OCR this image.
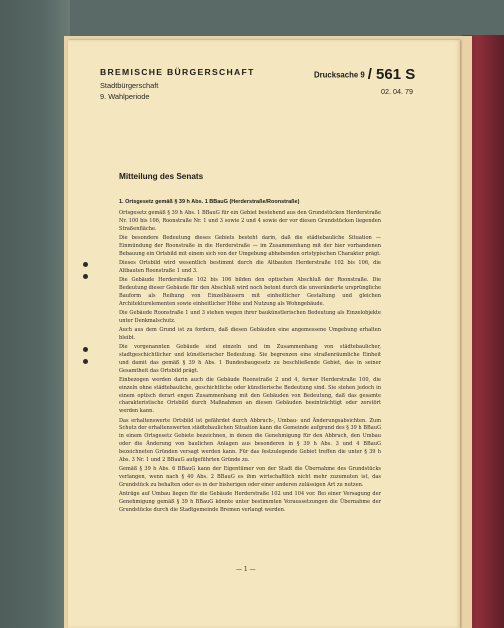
BREMISCHE BÜRGERSCHAFT
Stadtbürgerschaft
9. Wahlperiode
Drucksache 9 / 561 S
02. 04. 79
Mitteilung des Senats
1. Ortsgesetz gemäß § 39 h Abs. 1 BBauG (Herderstraße/Roonstraße)

Ortsgesetz gemäß § 39 h Abs. 1 BBauG für ein Gebiet bestehend aus den Grundstücken Herderstraße Nr. 100 bis 106, Roonstraße Nr. 1 und 3 sowie 2 und 4 sowie der vor diesen Grundstücken liegenden Straßenfläche.

Die besondere Bedeutung dieses Gebiets besteht darin, daß die städtebauliche Situation — Einmündung der Roonstraße in die Herderstraße — im Zusammenhang mit der hier vorhandenen Bebauung ein Ortsbild mit einem sich von der Umgebung abhebenden ortstypischen Charakter prägt.

Dieses Ortsbild wird wesentlich bestimmt durch die Altbauten Herderstraße 102 bis 106, die Altbauten Roonstraße 1 und 3.

Die Gebäude Herderstraße 102 bis 106 bilden den optischen Abschluß der Roonstraße. Die Bedeutung dieser Gebäude für den Abschluß wird noch betont durch die unveränderte ursprüngliche Bauform als Reihung von Einzelhäusern mit einheitlicher Gestaltung und gleichen Architekturelementen sowie einheitlicher Höhe und Nutzung als Wohngebäude.

Die Gebäude Roonstraße 1 und 3 stehen wegen ihrer baukünstlerischen Bedeutung als Einzelobjekte unter Denkmalschutz.

Auch aus dem Grund ist zu fordern, daß diesen Gebäuden eine angemessene Umgebung erhalten bleibt.

Die vorgenannten Gebäude sind einzeln und im Zusammenhang von städtebaulicher, stadtgeschichtlicher und künstlerischer Bedeutung. Sie begrenzen eine straßenräumliche Einheit und damit das gemäß § 39 h Abs. 1 Bundesbaugesetz zu beschließende Gebiet, das in seiner Gesamtheit das Ortsbild prägt.

Einbezogen werden darin auch die Gebäude Roonstraße 2 und 4, ferner Herderstraße 100, die einzeln ohne städtebauliche, geschichtliche oder künstlerische Bedeutung sind. Sie stehen jedoch in einem optisch derart engen Zusammenhang mit den Gebäuden von Bedeutung, daß das gesamte charakteristische Ortsbild durch Maßnahmen an diesen Gebäuden beeinträchtigt oder zerstört werden kann.

Das erhaltenswerte Ortsbild ist gefährdet durch Abbruch-, Umbau- und Änderungsabsichten. Zum Schutz der erhaltenswerten städtebaulichen Situation kann die Gemeinde aufgrund des § 39 h BBauG in einem Ortsgesetz Gebiete bezeichnen, in denen die Genehmigung für den Abbruch, den Umbau oder die Änderung von baulichen Anlagen aus besonderen in § 39 h Abs. 3 und 4 BBauG bezeichneten Gründen versagt werden kann. Für das festzulegende Gebiet treffen die unter § 39 h Abs. 3 Nr. 1 und 2 BBauG aufgeführten Gründe zu.

Gemäß § 39 h Abs. 6 BBauG kann der Eigentümer von der Stadt die Übernahme des Grundstücks verlangen, wenn nach § 40 Abs. 2 BBauG es ihm wirtschaftlich nicht mehr zuzumuten ist, das Grundstück zu behalten oder es in der bisherigen oder einer anderen zulässigen Art zu nutzen.

Anträge auf Umbau liegen für die Gebäude Herderstraße 102 und 104 vor. Bei einer Versagung der Genehmigung gemäß § 39 h BBauG könnte unter bestimmten Voraussetzungen die Übernahme der Grundstücke durch die Stadtgemeinde Bremen verlangt werden.

— 1 —
